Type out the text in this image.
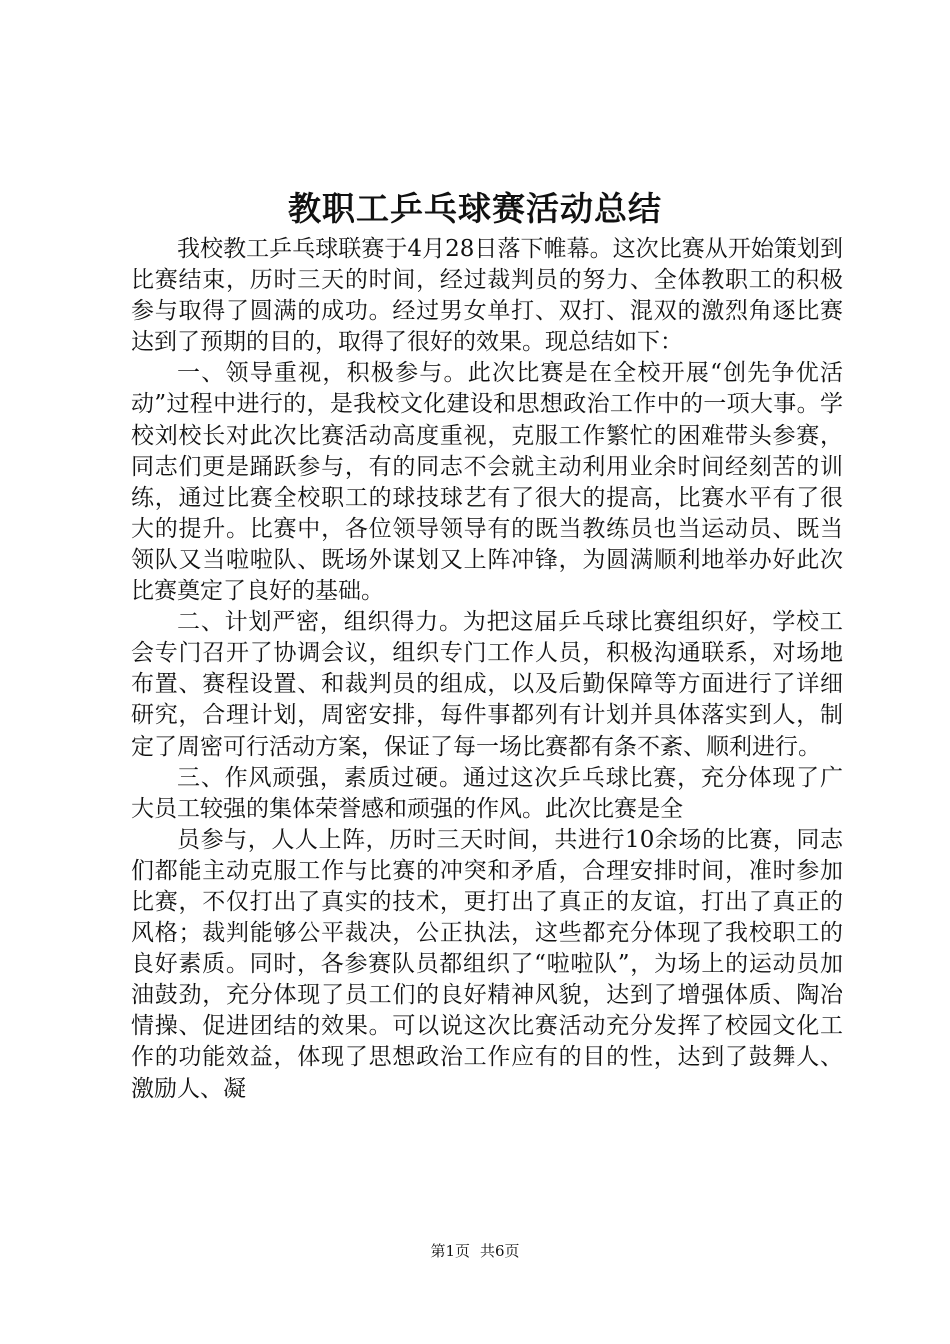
教职工乒乓球赛活动总结

我校教工乒乓球联赛于4月28日落下帷幕。这次比赛从开始策划到比赛结束，历时三天的时间，经过裁判员的努力、全体教职工的积极参与取得了圆满的成功。经过男女单打、双打、混双的激烈角逐比赛达到了预期的目的，取得了很好的效果。现总结如下：

一、领导重视，积极参与。此次比赛是在全校开展“创先争优活动”过程中进行的，是我校文化建设和思想政治工作中的一项大事。学校刘校长对此次比赛活动高度重视，克服工作繁忙的困难带头参赛，同志们更是踊跃参与，有的同志不会就主动利用业余时间经刻苦的训练，通过比赛全校职工的球技球艺有了很大的提高，比赛水平有了很大的提升。比赛中，各位领导领导有的既当教练员也当运动员、既当领队又当啦啦队、既场外谋划又上阵冲锋，为圆满顺利地举办好此次比赛奠定了良好的基础。

二、计划严密，组织得力。为把这届乒乓球比赛组织好，学校工会专门召开了协调会议，组织专门工作人员，积极沟通联系，对场地布置、赛程设置、和裁判员的组成，以及后勤保障等方面进行了详细研究，合理计划，周密安排，每件事都列有计划并具体落实到人，制定了周密可行活动方案，保证了每一场比赛都有条不紊、顺利进行。

三、作风顽强，素质过硬。通过这次乒乓球比赛，充分体现了广大员工较强的集体荣誉感和顽强的作风。此次比赛是全

员参与，人人上阵，历时三天时间，共进行10余场的比赛，同志们都能主动克服工作与比赛的冲突和矛盾，合理安排时间，准时参加比赛，不仅打出了真实的技术，更打出了真正的友谊，打出了真正的风格；裁判能够公平裁决，公正执法，这些都充分体现了我校职工的良好素质。同时，各参赛队员都组织了“啦啦队”，为场上的运动员加油鼓劲，充分体现了员工们的良好精神风貌，达到了增强体质、陶冶情操、促进团结的效果。可以说这次比赛活动充分发挥了校园文化工作的功能效益，体现了思想政治工作应有的目的性，达到了鼓舞人、激励人、凝

第1页 共6页
